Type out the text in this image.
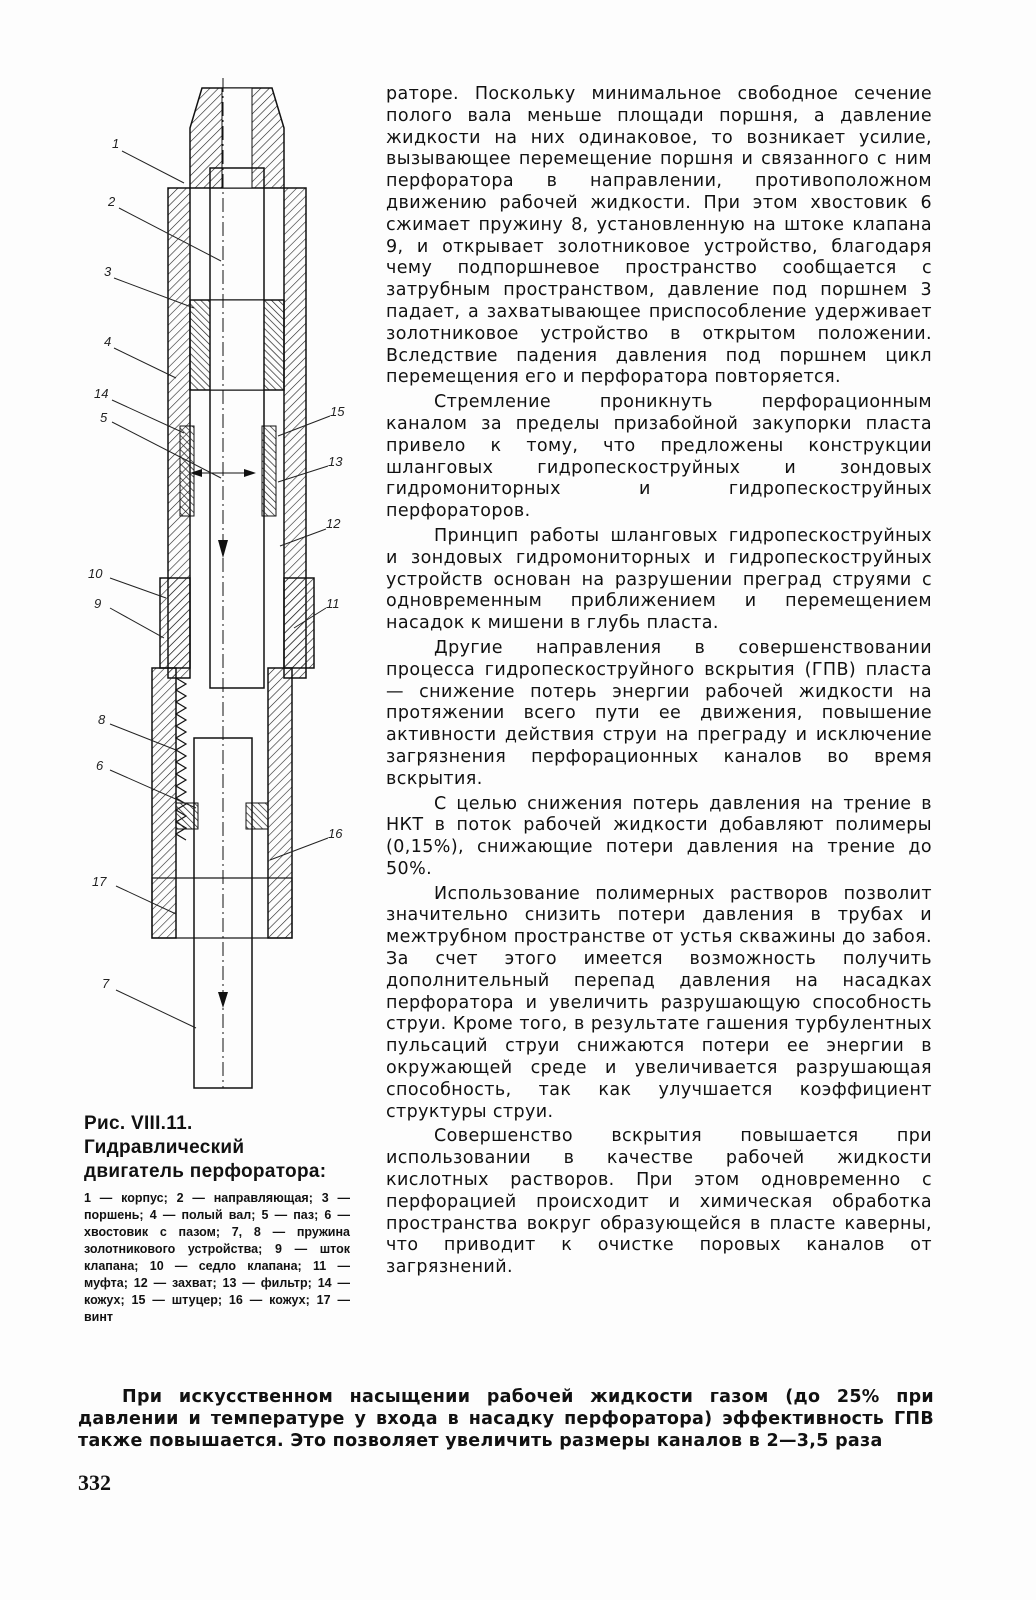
1
2
3
4
14
5
10
9
8
6
17
7
15
13
12
11
16

Рис. VIII.11. Гидравлический двигатель перфоратора:

1 — корпус; 2 — направляющая; 3 — поршень; 4 — полый вал; 5 — паз; 6 — хвостовик с пазом; 7, 8 — пружина золотникового устройства; 9 — шток клапана; 10 — седло клапана; 11 — муфта; 12 — захват; 13 — фильтр; 14 — кожух; 15 — штуцер; 16 — кожух; 17 — винт

раторе. Поскольку минимальное свободное сечение полого вала меньше площади поршня, а давление жидкости на них одинаковое, то возникает усилие, вызывающее перемещение поршня и связанного с ним перфоратора в направлении, противоположном движению рабочей жидкости. При этом хвостовик 6 сжимает пружину 8, установленную на штоке клапана 9, и открывает золотниковое устройство, благодаря чему подпоршневое пространство сообщается с затрубным пространством, давление под поршнем 3 падает, а захватывающее приспособление удерживает золотниковое устройство в открытом положении. Вследствие падения давления под поршнем цикл перемещения его и перфоратора повторяется.

Стремление проникнуть перфорационным каналом за пределы призабойной закупорки пласта привело к тому, что предложены конструкции шланговых гидропескоструйных и зондовых гидромониторных и гидропескоструйных перфораторов.

Принцип работы шланговых гидропескоструйных и зондовых гидромониторных и гидропескоструйных устройств основан на разрушении преград струями с одновременным приближением и перемещением насадок к мишени в глубь пласта.

Другие направления в совершенствовании процесса гидропескоструйного вскрытия (ГПВ) пласта — снижение потерь энергии рабочей жидкости на протяжении всего пути ее движения, повышение активности действия струи на преграду и исключение загрязнения перфорационных каналов во время вскрытия.

С целью снижения потерь давления на трение в НКТ в поток рабочей жидкости добавляют полимеры (0,15%), снижающие потери давления на трение до 50%.

Использование полимерных растворов позволит значительно снизить потери давления в трубах и межтрубном пространстве от устья скважины до забоя. За счет этого имеется возможность получить дополнительный перепад давления на насадках перфоратора и увеличить разрушающую способность струи. Кроме того, в результате гашения турбулентных пульсаций струи снижаются потери ее энергии в окружающей среде и увеличивается разрушающая способность, так как улучшается коэффициент структуры струи.

Совершенство вскрытия повышается при использовании в качестве рабочей жидкости кислотных растворов. При этом одновременно с перфорацией происходит и химическая обработка пространства вокруг образующейся в пласте каверны, что приводит к очистке поровых каналов от загрязнений.

При искусственном насыщении рабочей жидкости газом (до 25% при давлении и температуре у входа в насадку перфоратора) эффективность ГПВ также повышается. Это позволяет увеличить размеры каналов в 2—3,5 раза

332
